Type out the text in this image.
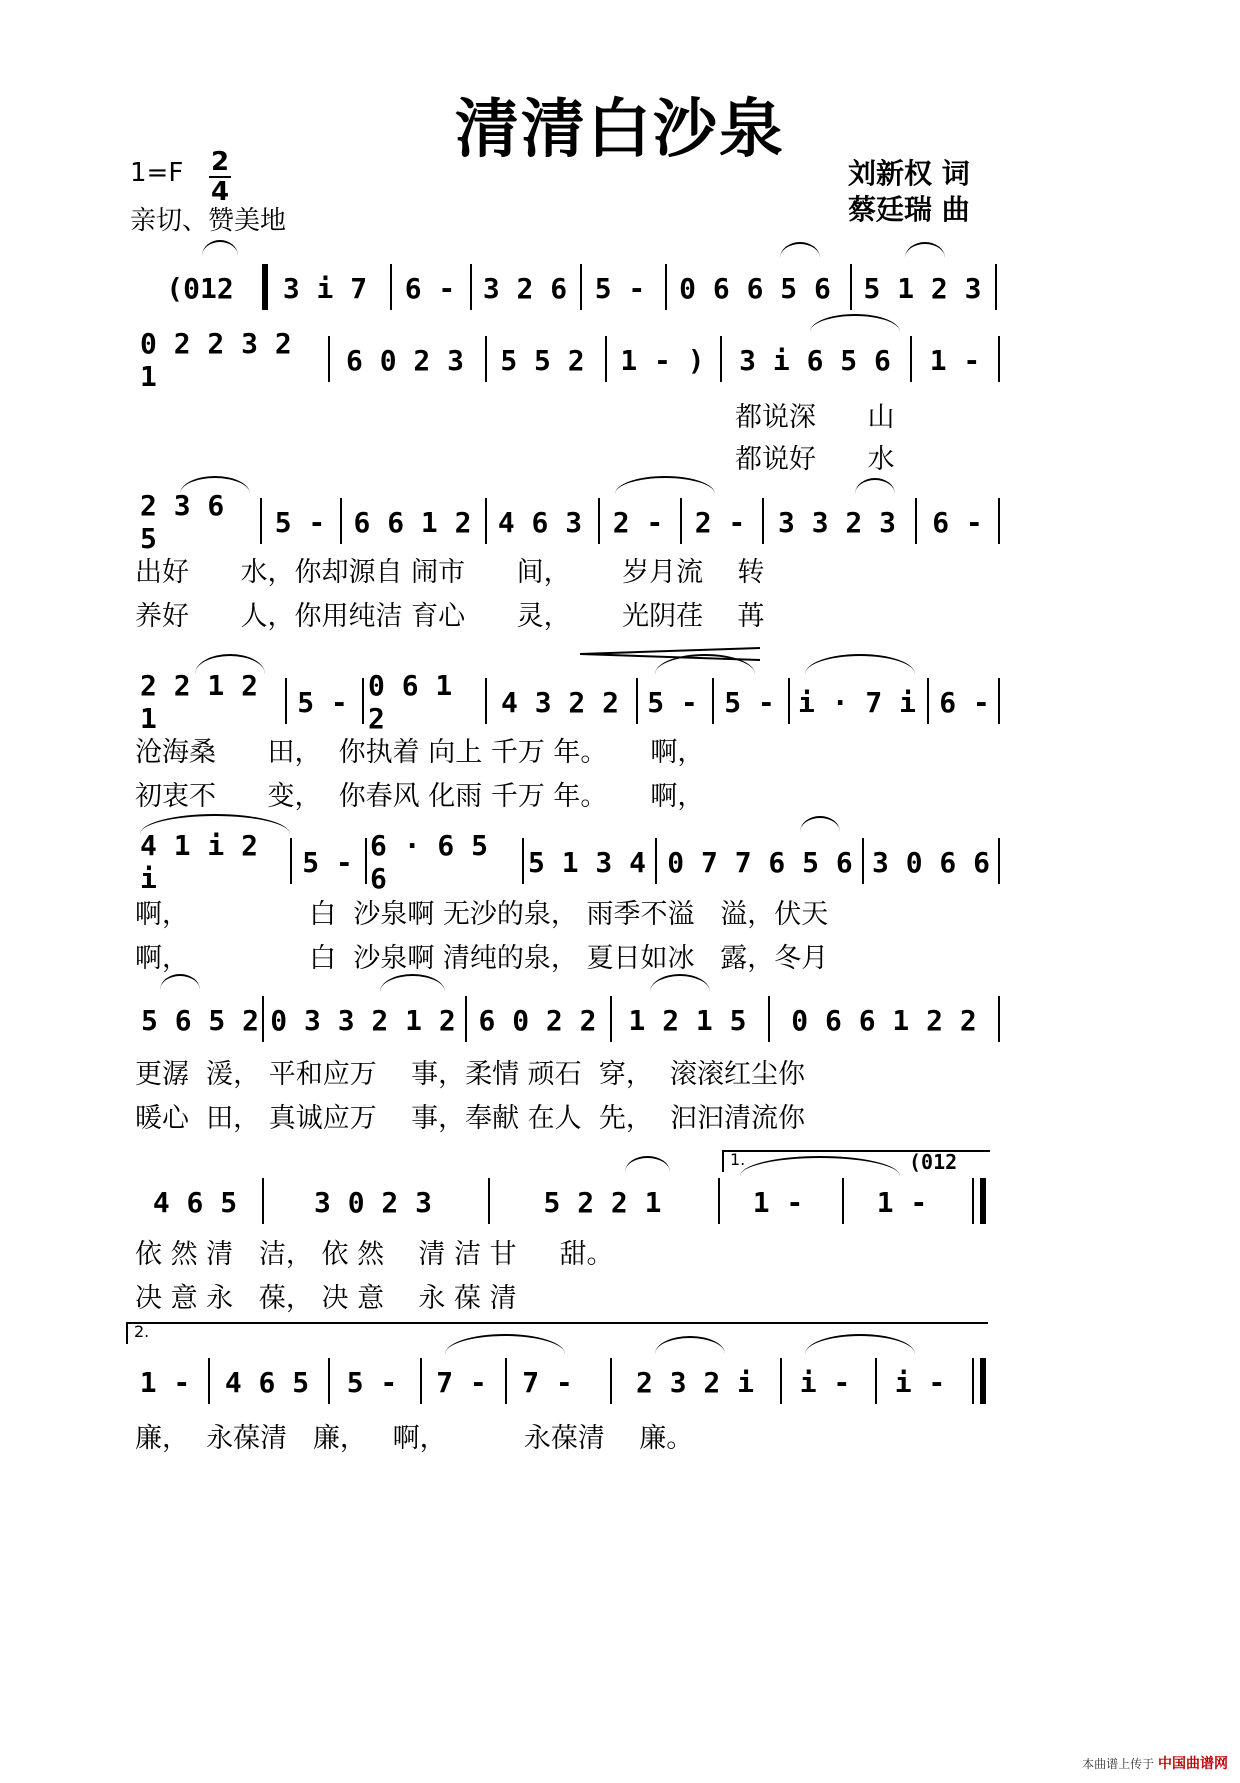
清清白沙泉
1=F 2
4
亲切、赞美地
刘新权 词
蔡廷瑞 曲
(012	3 i 7	6 - 3 2 6 5 -	0 6 6 5 6	5 1 2 3
0 2 2 3 2 1	6 0 2 3	5 5 2	1 - )	3 i 6 5 6	1 -
都说深      山
都说好      水
2 3 6 5	5 -	6 6 1 2 4 6 3	2 -	2 -	3 3 2 3	6 -
出好      水，你却源自 闹市      间，      岁月流    转
养好      人，你用纯洁 育心      灵，      光阴荏    苒
2 2 1 2 1	5 - 0 6 1 2	4 3 2 2	5 - 5 - i · 7 i 6 -
沧海桑      田，  你执着 向上 千万 年。     啊，
初衷不      变，  你春风 化雨 千万 年。     啊，
4 1 i 2 i	5 - 6 · 6 5 6	5 1 3 4 0 7 7 6 5 6 3 0 6 6
啊，              白  沙泉啊 无沙的泉， 雨季不溢   溢，伏天
啊，              白  沙泉啊 清纯的泉， 夏日如冰   露，冬月
5 6 5 2 0 3 3 2 1 2 6 0 2 2	1 2 1 5	0 6 6 1 2 2
更潺  湲， 平和应万    事，柔情 顽石  穿，  滚滚红尘你
暖心  田， 真诚应万    事，奉献 在人  先，  汩汩清流你
1.	(012
4 6 5	3 0 2 3	5 2 2 1	1 -	1 -
依 然 清   洁， 依 然    清 洁 甘     甜。
决 意 永   葆， 决 意    永 葆 清
2.
1 -	4 6 5	5 -	7 -	7 -	2 3 2 i	i -	i -
廉，  永葆清   廉，   啊，         永葆清    廉。
本曲谱上传于 中国曲谱网
